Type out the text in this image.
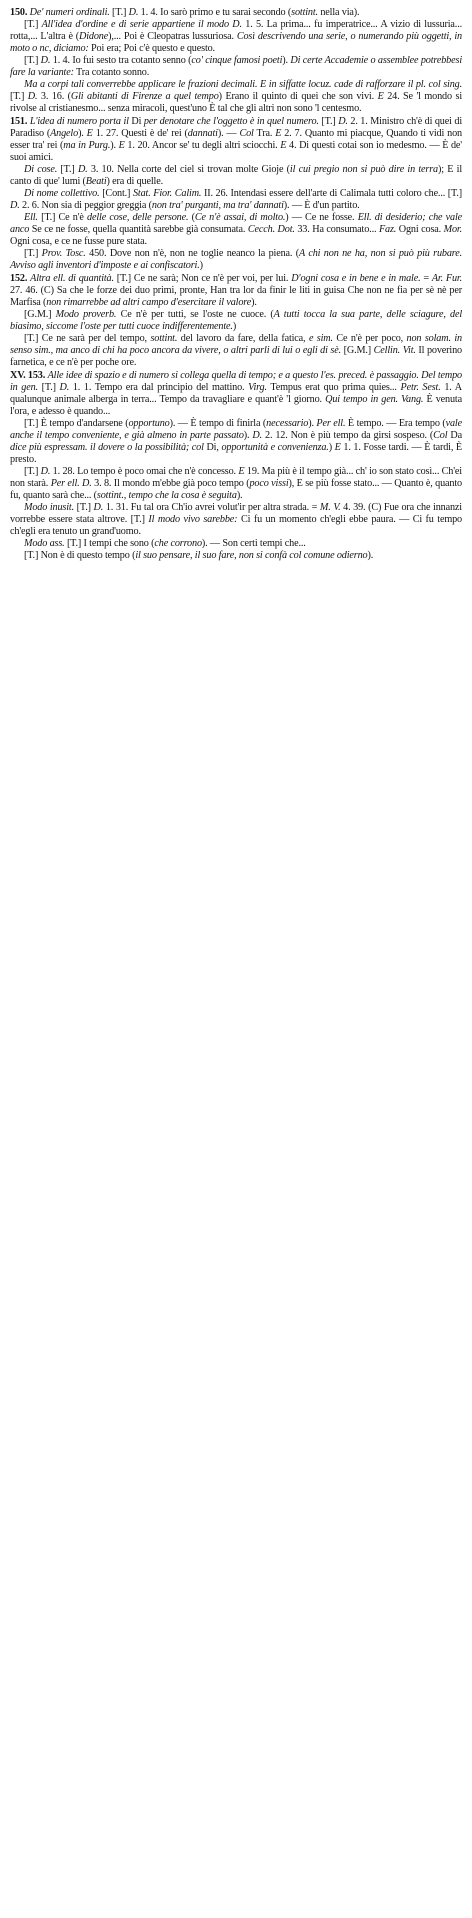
150. De' numeri ordinali. [T.] D. 1. 4. Io sarò primo e tu sarai secondo (sottint. nella via).

[T.] All'idea d'ordine e di serie appartiene il modo D. 1. 5. La prima... fu imperatrice... A vizio di lussuria... rotta,... L'altra è (Didone),... Poi è Cleopatras lussuriosa. Così descrivendo una serie, o numerando più oggetti, in moto o nc, diciamo: Poi era; Poi c'è questo e questo.

[T.] D. 1. 4. Io fui sesto tra cotanto senno (co' cinque famosi poeti). Di certe Accademie o assemblee potrebbesi fare la variante: Tra cotanto sonno.

Ma a corpi tali converrebbe applicare le frazioni decimali. E in siffatte locuz. cade di rafforzare il pl. col sing. [T.] D. 3. 16. (Gli abitanti di Firenze a quel tempo) Erano il quinto di quei che son vivi. E 24. Se 'l mondo si rivolse al cristianesmo... senza miracoli, quest'uno È tal che gli altri non sono 'l centesmo.

151. L'idea di numero porta il Di per denotare che l'oggetto è in quel numero. [T.] D. 2. 1. Ministro ch'è di quei di Paradiso (Angelo). E 1. 27. Questi è de' rei (dannati). — Col Tra. E 2. 7. Quanto mi piacque, Quando ti vidi non esser tra' rei (ma in Purg.). E 1. 20. Ancor se' tu degli altri sciocchi. E 4. Di questi cotai son io medesmo. — È de' suoi amici.

Di cose. [T.] D. 3. 10. Nella corte del ciel si trovan molte Gioje (il cui pregio non si può dire in terra); E il canto di que' lumi (Beati) era di quelle.

Di nome collettivo. [Cont.] Stat. Fior. Calim. II. 26. Intendasi essere dell'arte di Calimala tutti coloro che... [T.] D. 2. 6. Non sia di peggior greggia (non tra' purganti, ma tra' dannati). — È d'un partito.

Ell. [T.] Ce n'è delle cose, delle persone. (Ce n'è assai, di molto.) — Ce ne fosse. Ell. di desiderio; che vale anco Se ce ne fosse, quella quantità sarebbe già consumata. Cecch. Dot. 33. Ha consumato... Faz. Ogni cosa. Mor. Ogni cosa, e ce ne fusse pure stata.

[T.] Prov. Tosc. 450. Dove non n'è, non ne toglie neanco la piena. (A chi non ne ha, non si può più rubare. Avviso agli inventori d'imposte e ai confiscatori.)

152. Altra ell. di quantità. [T.] Ce ne sarà; Non ce n'è per voi, per lui. D'ogni cosa e in bene e in male. = Ar. Fur. 27. 46. (C) Sa che le forze dei duo primi, pronte, Han tra lor da finir le liti in guisa Che non ne fia per sè nè per Marfisa (non rimarrebbe ad altri campo d'esercitare il valore).

[G.M.] Modo proverb. Ce n'è per tutti, se l'oste ne cuoce. (A tutti tocca la sua parte, delle sciagure, del biasimo, siccome l'oste per tutti cuoce indifferentemente.)

[T.] Ce ne sarà per del tempo, sottint. del lavoro da fare, della fatica, e sim. Ce n'è per poco, non solam. in senso sim., ma anco di chi ha poco ancora da vivere, o altri parli di lui o egli di sè. [G.M.] Cellin. Vit. Il poverino farnetica, e ce n'è per poche ore.

XV. 153. Alle idee di spazio e di numero si collega quella di tempo; e a questo l'es. preced. è passaggio. Del tempo in gen. [T.] D. 1. 1. Tempo era dal principio del mattino. Virg. Tempus erat quo prima quies... Petr. Sest. 1. A qualunque animale alberga in terra... Tempo da travagliare e quant'è 'l giorno. Qui tempo in gen. Vang. È venuta l'ora, e adesso è quando...

[T.] È tempo d'andarsene (opportuno). — È tempo di finirla (necessario). Per ell. È tempo. — Era tempo (vale anche il tempo conveniente, e già almeno in parte passato). D. 2. 12. Non è più tempo da girsi sospeso. (Col Da dice più espressam. il dovere o la possibilità; col Di, opportunità e convenienza.) E 1. 1. Fosse tardi. — È tardi, È presto.

[T.] D. 1. 28. Lo tempo è poco omai che n'è concesso. E 19. Ma più è il tempo già... ch' io son stato così... Ch'ei non starà. Per ell. D. 3. 8. Il mondo m'ebbe già poco tempo (poco vissi), E se più fosse stato... — Quanto è, quanto fu, quanto sarà che... (sottint., tempo che la cosa è seguita).

Modo inusit. [T.] D. 1. 31. Fu tal ora Ch'io avrei volut'ir per altra strada. = M. V. 4. 39. (C) Fue ora che innanzi vorrebbe essere stata altrove. [T.] Il modo vivo sarebbe: Ci fu un momento ch'egli ebbe paura. — Ci fu tempo ch'egli era tenuto un grand'uomo.

Modo ass. [T.] I tempi che sono (che corrono). — Son certi tempi che...

[T.] Non è di questo tempo (il suo pensare, il suo fare, non si confà col comune odierno).
